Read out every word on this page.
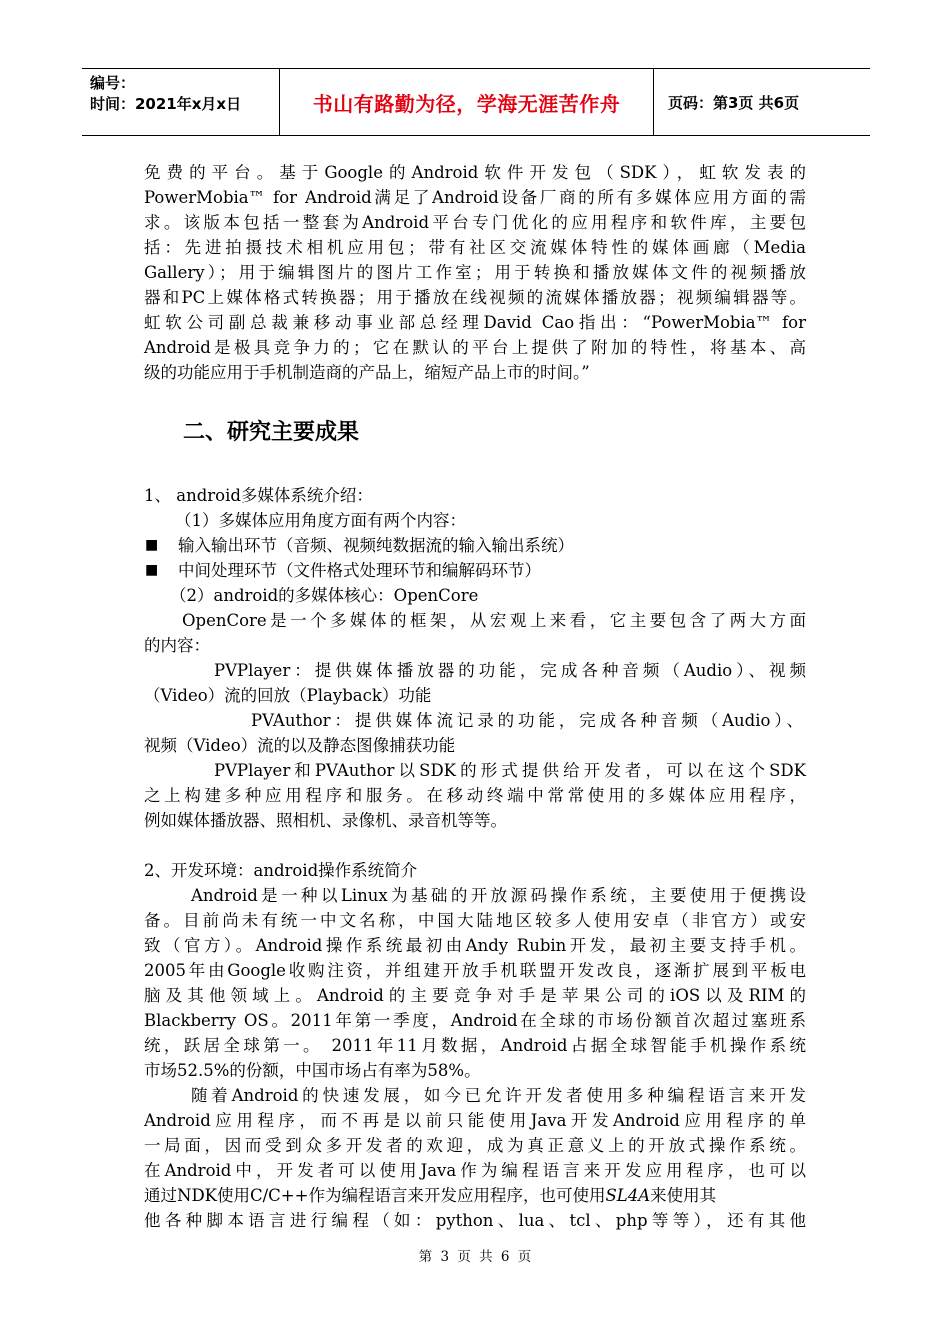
编号：
时间：2021年x月x日	书山有路勤为径，学海无涯苦作舟	页码：第3页 共6页
免费的平台。基于Google的Android软件开发包（SDK），虹软发表的
PowerMobia™ for Android满足了Android设备厂商的所有多媒体应用方面的需
求。该版本包括一整套为Android平台专门优化的应用程序和软件库，主要包
括：先进拍摄技术相机应用包；带有社区交流媒体特性的媒体画廊（Media
Gallery）；用于编辑图片的图片工作室；用于转换和播放媒体文件的视频播放
器和PC上媒体格式转换器；用于播放在线视频的流媒体播放器；视频编辑器等。
虹软公司副总裁兼移动事业部总经理David Cao指出：“PowerMobia™ for
Android是极具竞争力的；它在默认的平台上提供了附加的特性，将基本、高
级的功能应用于手机制造商的产品上，缩短产品上市的时间。”
二、研究主要成果
1、 android多媒体系统介绍：
（1）多媒体应用角度方面有两个内容：
■ 输入输出环节（音频、视频纯数据流的输入输出系统）
■ 中间处理环节（文件格式处理环节和编解码环节）
（2）android的多媒体核心：OpenCore
OpenCore是一个多媒体的框架，从宏观上来看，它主要包含了两大方面
的内容：
PVPlayer：提供媒体播放器的功能，完成各种音频（Audio）、视频
（Video）流的回放（Playback）功能
PVAuthor：提供媒体流记录的功能，完成各种音频（Audio）、
视频（Video）流的以及静态图像捕获功能
PVPlayer和PVAuthor以SDK的形式提供给开发者，可以在这个SDK
之上构建多种应用程序和服务。在移动终端中常常使用的多媒体应用程序，
例如媒体播放器、照相机、录像机、录音机等等。
2、开发环境：android操作系统简介
Android是一种以Linux为基础的开放源码操作系统，主要使用于便携设
备。目前尚未有统一中文名称，中国大陆地区较多人使用安卓（非官方）或安
致（官方）。Android操作系统最初由Andy Rubin开发，最初主要支持手机。
2005年由Google收购注资，并组建开放手机联盟开发改良，逐渐扩展到平板电
脑及其他领域上。Android的主要竞争对手是苹果公司的iOS以及RIM的
Blackberry OS。2011年第一季度，Android在全球的市场份额首次超过塞班系
统，跃居全球第一。 2011年11月数据，Android占据全球智能手机操作系统
市场52.5%的份额，中国市场占有率为58%。
随着Android的快速发展，如今已允许开发者使用多种编程语言来开发
Android应用程序，而不再是以前只能使用Java开发Android应用程序的单
一局面，因而受到众多开发者的欢迎，成为真正意义上的开放式操作系统。
在Android中，开发者可以使用Java作为编程语言来开发应用程序，也可以
通过NDK使用C/C++作为编程语言来开发应用程序，也可使用SL4A来使用其
他各种脚本语言进行编程（如：python、lua、tcl、php等等），还有其他
第 3 页 共 6 页
